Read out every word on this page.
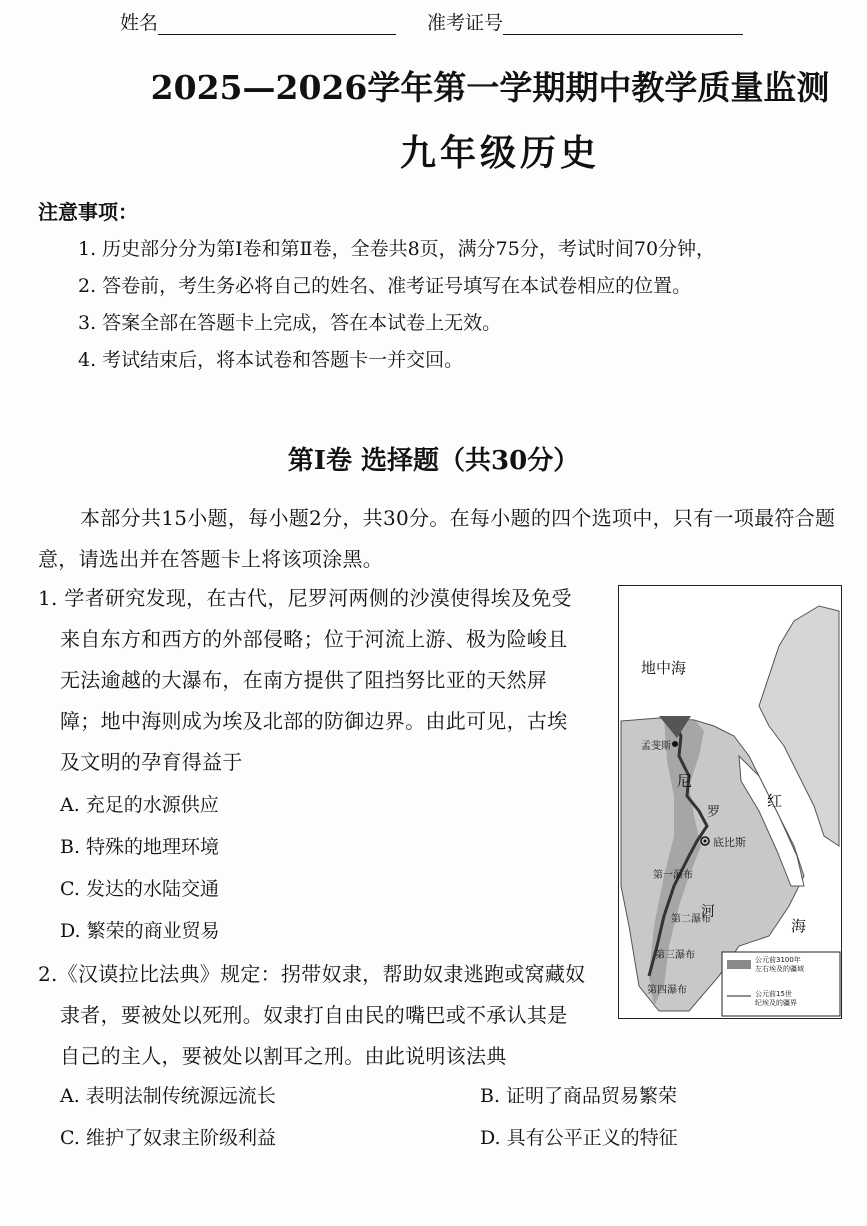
姓名	准考证号
2025—2026学年第一学期期中教学质量监测
九年级历史
注意事项：
1. 历史部分分为第Ⅰ卷和第Ⅱ卷，全卷共8页，满分75分，考试时间70分钟，
2. 答卷前，考生务必将自己的姓名、准考证号填写在本试卷相应的位置。
3. 答案全部在答题卡上完成，答在本试卷上无效。
4. 考试结束后，将本试卷和答题卡一并交回。
第Ⅰ卷 选择题（共30分）
本部分共15小题，每小题2分，共30分。在每小题的四个选项中，只有一项最符合题意，请选出并在答题卡上将该项涂黑。
1. 学者研究发现，在古代，尼罗河两侧的沙漠使得埃及免受
来自东方和西方的外部侵略；位于河流上游、极为险峻且
无法逾越的大瀑布，在南方提供了阻挡努比亚的天然屏
障；地中海则成为埃及北部的防御边界。由此可见，古埃
及文明的孕育得益于
A. 充足的水源供应
B. 特殊的地理环境
C. 发达的水陆交通
D. 繁荣的商业贸易
地中海
孟斐斯
尼
罗
河
底比斯
红
海
第一瀑布
第二瀑布
第三瀑布
第四瀑布
公元前3100年左右埃及的疆域
公元前15世纪埃及的疆界
2.《汉谟拉比法典》规定：拐带奴隶，帮助奴隶逃跑或窝藏奴
隶者，要被处以死刑。奴隶打自由民的嘴巴或不承认其是
自己的主人，要被处以割耳之刑。由此说明该法典
A. 表明法制传统源远流长	B. 证明了商品贸易繁荣
C. 维护了奴隶主阶级利益	D. 具有公平正义的特征
